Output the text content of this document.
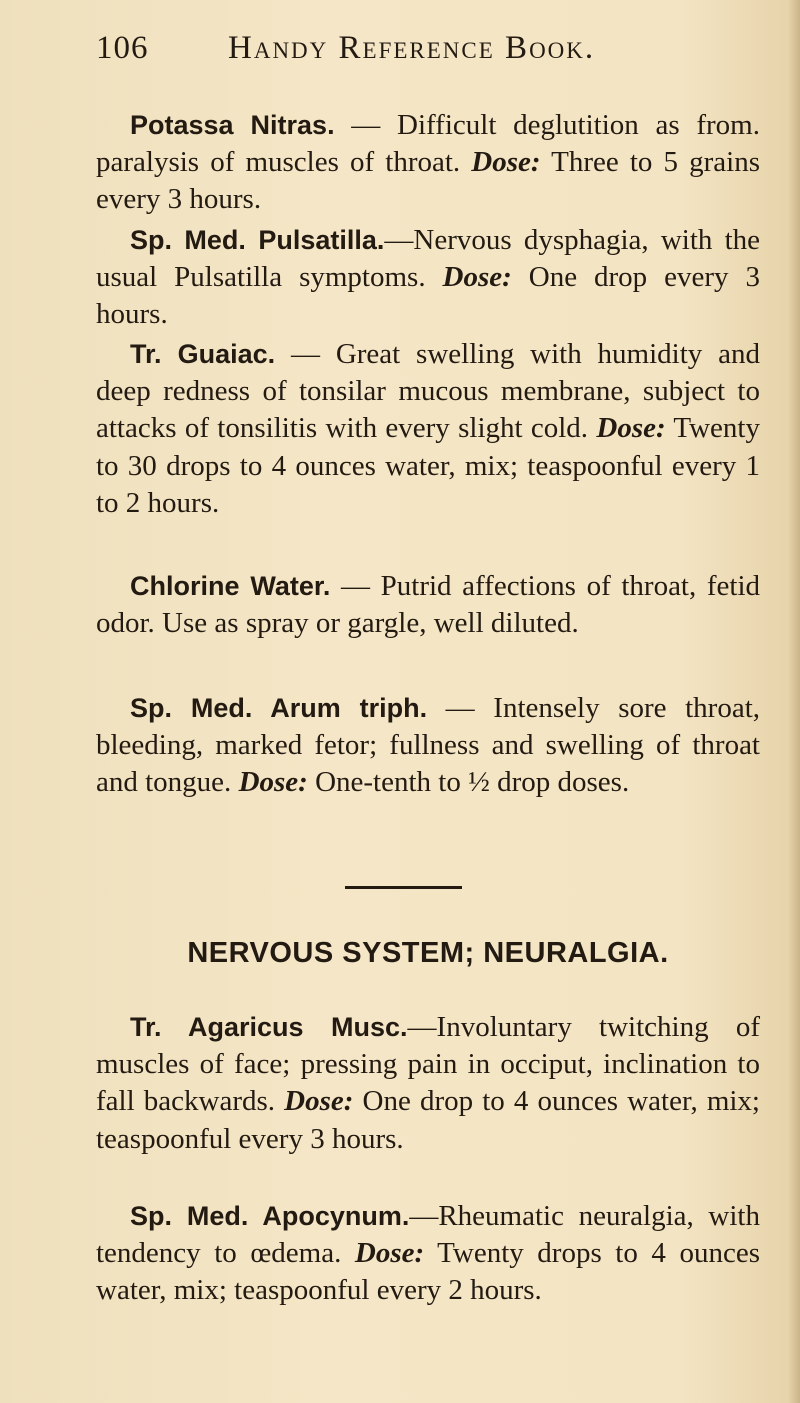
106 Handy Reference Book.

Potassa Nitras. — Difficult deglutition as from. paralysis of muscles of throat. Dose: Three to 5 grains every 3 hours.

Sp. Med. Pulsatilla.—Nervous dysphagia, with the usual Pulsatilla symptoms. Dose: One drop every 3 hours.

Tr. Guaiac. — Great swelling with humidity and deep redness of tonsilar mucous membrane, subject to attacks of tonsilitis with every slight cold. Dose: Twenty to 30 drops to 4 ounces water, mix; teaspoonful every 1 to 2 hours.

Chlorine Water. — Putrid affections of throat, fetid odor. Use as spray or gargle, well diluted.

Sp. Med. Arum triph. — Intensely sore throat, bleeding, marked fetor; fullness and swelling of throat and tongue. Dose: One-tenth to ½ drop doses.

NERVOUS SYSTEM; NEURALGIA.

Tr. Agaricus Musc.—Involuntary twitching of muscles of face; pressing pain in occiput, inclination to fall backwards. Dose: One drop to 4 ounces water, mix; teaspoonful every 3 hours.

Sp. Med. Apocynum.—Rheumatic neuralgia, with tendency to œdema. Dose: Twenty drops to 4 ounces water, mix; teaspoonful every 2 hours.
